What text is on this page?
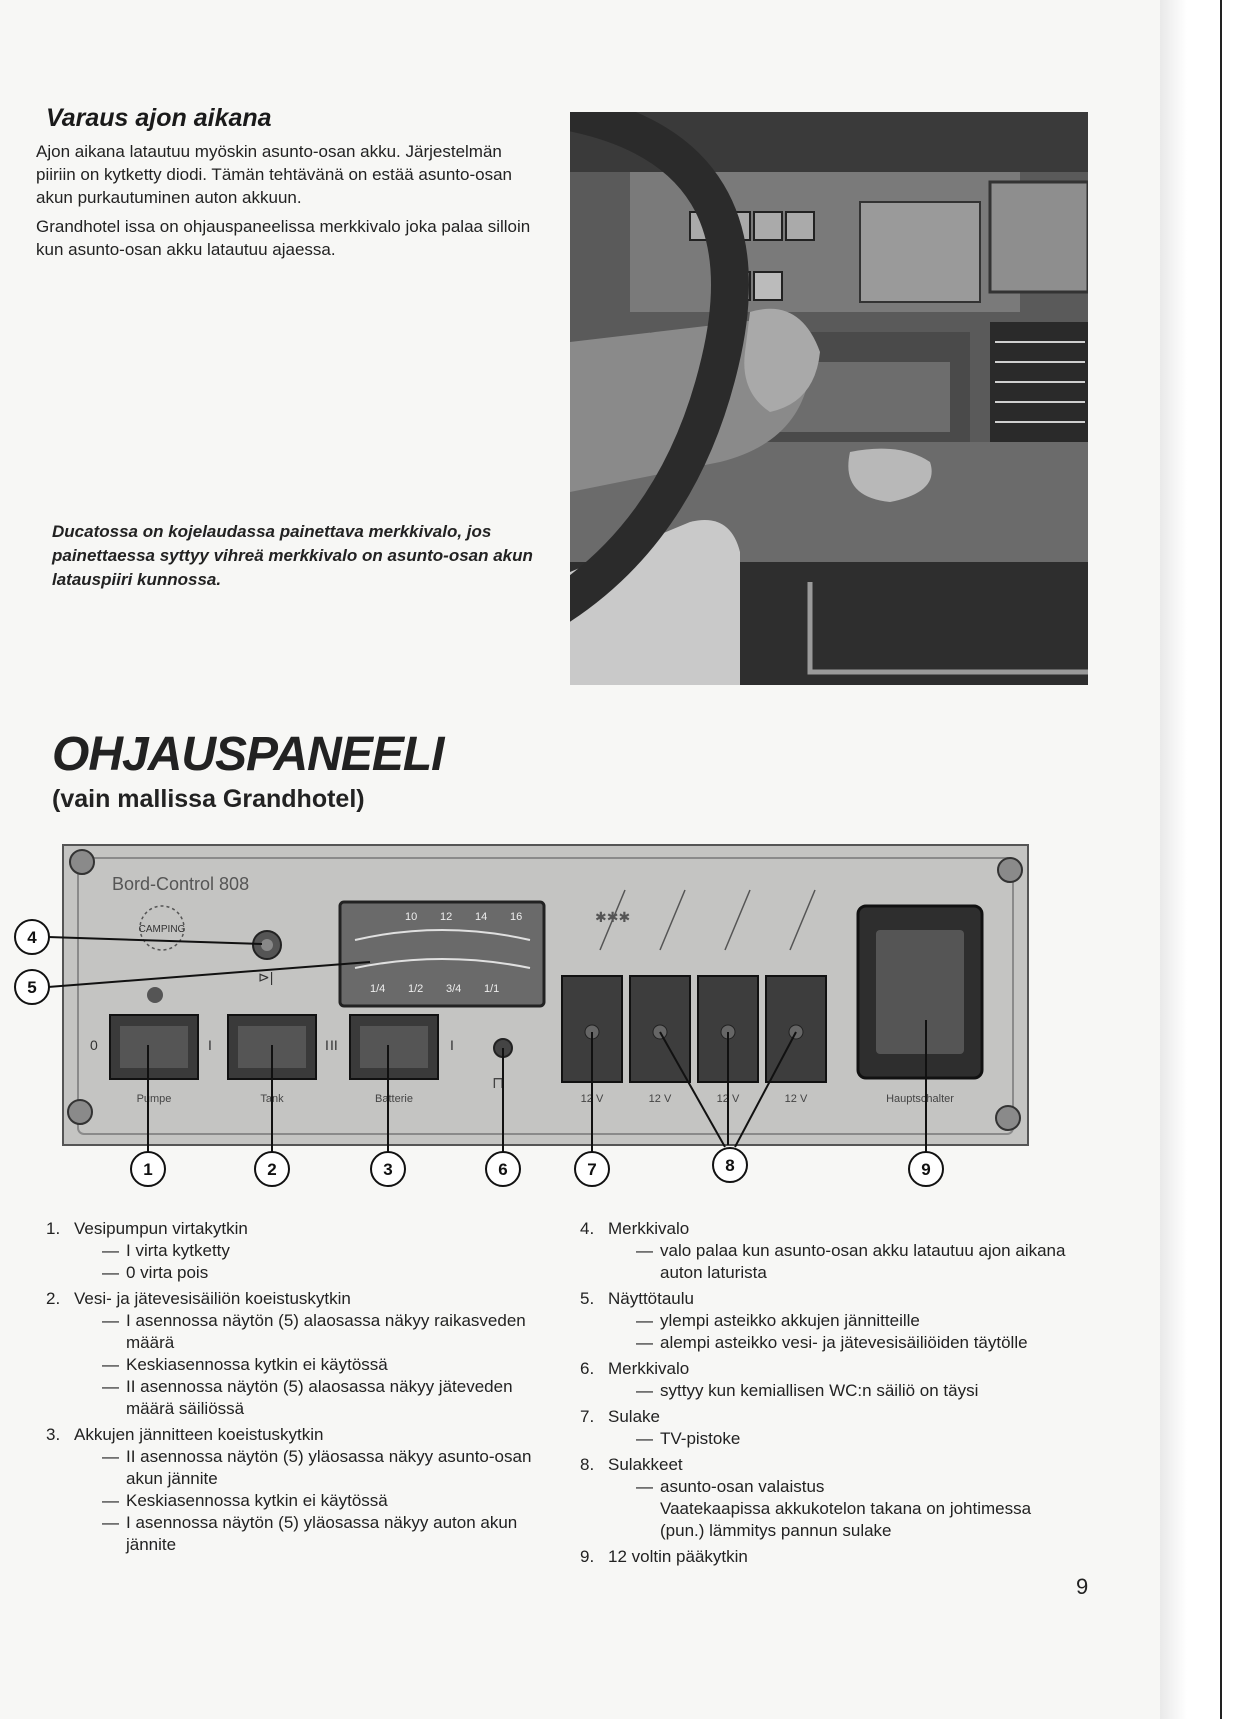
Varaus ajon aikana

Ajon aikana latautuu myöskin asunto-osan akku. Järjestelmän piiriin on kytketty diodi. Tämän tehtävänä on estää asunto-osan akun purkautuminen auton akkuun.

Grandhotel issa on ohjauspaneelissa merkkivalo joka palaa silloin kun asunto-osan akku latautuu ajaessa.

Ducatossa on kojelaudassa painettava merkkivalo, jos painettaessa syttyy vihreä merkkivalo on asunto-osan akun latauspiiri kunnossa.
OHJAUSPANEELI
(vain mallissa Grandhotel)
Bord-Control 808
CAMPING
⊳|
10 12 14 16
1/4 1/2 3/4 1/1
0	I	I II	I
Pumpe	Tank	Batterie
⊓
✱✱✱
12 V	12 V	12 V	12 V	Hauptschalter
4
5
1	2	3	6	7	8	9
1. Vesipumpun virtakytkin
— I virta kytketty
— 0 virta pois
2. Vesi- ja jätevesisäiliön koeistuskytkin
— I asennossa näytön (5) alaosassa näkyy raikasveden määrä
— Keskiasennossa kytkin ei käytössä
— II asennossa näytön (5) alaosassa näkyy jäteveden määrä säiliössä
3. Akkujen jännitteen koeistuskytkin
— II asennossa näytön (5) yläosassa näkyy asunto-osan akun jännite
— Keskiasennossa kytkin ei käytössä
— I asennossa näytön (5) yläosassa näkyy auton akun jännite
4. Merkkivalo
— valo palaa kun asunto-osan akku latautuu ajon aikana auton laturista
5. Näyttötaulu
— ylempi asteikko akkujen jännitteille
— alempi asteikko vesi- ja jätevesisäiliöiden täytölle
6. Merkkivalo
— syttyy kun kemiallisen WC:n säiliö on täysi
7. Sulake
— TV-pistoke
8. Sulakkeet
— asunto-osan valaistus
Vaatekaapissa akkukotelon takana on johtimessa (pun.) lämmitys pannun sulake
9. 12 voltin pääkytkin
9
